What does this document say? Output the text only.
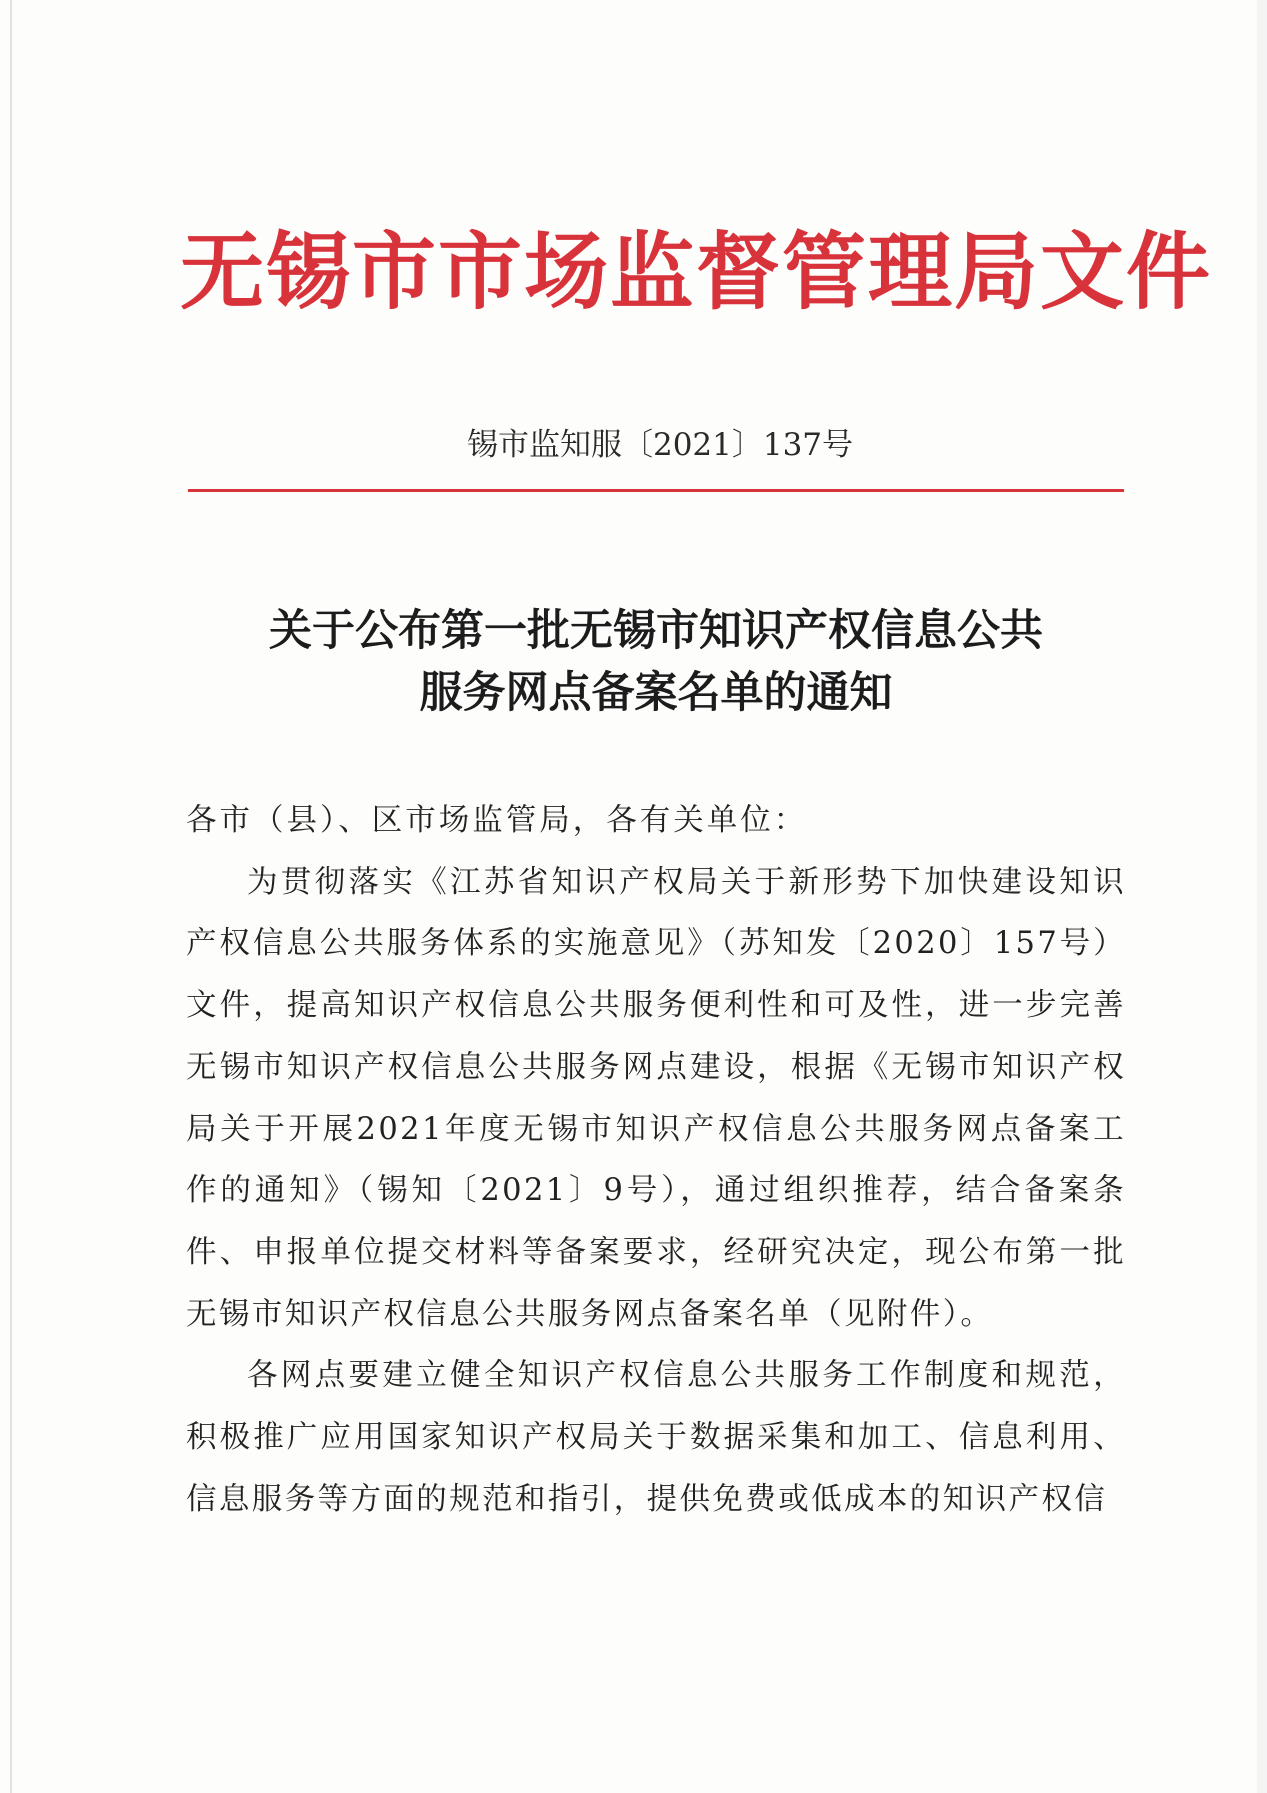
无锡市市场监督管理局文件
锡市监知服〔2021〕137号
关于公布第一批无锡市知识产权信息公共
服务网点备案名单的通知

各市（县）、区市场监管局，各有关单位：

为贯彻落实《江苏省知识产权局关于新形势下加快建设知识产权信息公共服务体系的实施意见》（苏知发〔2020〕157号）文件，提高知识产权信息公共服务便利性和可及性，进一步完善无锡市知识产权信息公共服务网点建设，根据《无锡市知识产权局关于开展2021年度无锡市知识产权信息公共服务网点备案工作的通知》（锡知〔2021〕9号），通过组织推荐，结合备案条件、申报单位提交材料等备案要求，经研究决定，现公布第一批无锡市知识产权信息公共服务网点备案名单（见附件）。

各网点要建立健全知识产权信息公共服务工作制度和规范，积极推广应用国家知识产权局关于数据采集和加工、信息利用、信息服务等方面的规范和指引，提供免费或低成本的知识产权信
